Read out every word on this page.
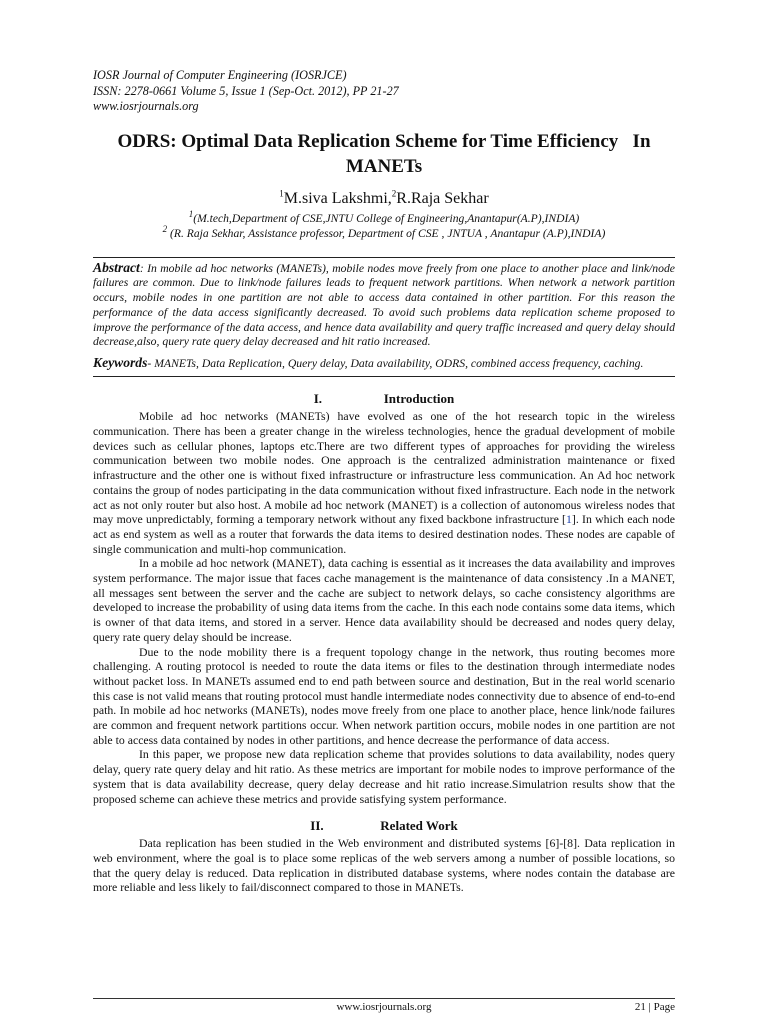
IOSR Journal of Computer Engineering (IOSRJCE)
ISSN: 2278-0661 Volume 5, Issue 1 (Sep-Oct. 2012), PP 21-27
www.iosrjournals.org
ODRS: Optimal Data Replication Scheme for Time Efficiency   In
MANETs
$^1$M.siva Lakshmi,$^2$R.Raja Sekhar
$^1$(M.tech,Department of CSE,JNTU College of Engineering,Anantapur(A.P),INDIA)
$^2$ (R. Raja Sekhar, Assistance professor, Department of CSE , JNTUA , Anantapur (A.P),INDIA)
Abstract: In mobile ad hoc networks (MANETs), mobile nodes move freely from one place to another place and link/node failures are common. Due to link/node failures leads to frequent network partitions. When network a network partition occurs, mobile nodes in one partition are not able to access data contained in other partition. For this reason the performance of the data access significantly decreased. To avoid such problems data replication scheme proposed to improve the performance of the data access, and hence data availability and query traffic increased and query delay should decrease,also, query rate query delay decreased and hit ratio increased.
Keywords- MANETs, Data Replication, Query delay, Data availability, ODRS, combined access frequency, caching.
I.	Introduction

Mobile ad hoc networks (MANETs) have evolved as one of the hot research topic in the wireless communication. There has been a greater change in the wireless technologies, hence the gradual development of mobile devices such as cellular phones, laptops etc.There are two different types of approaches for providing the wireless communication between two mobile nodes. One approach is the centralized administration maintenance or fixed infrastructure and the other one is without fixed infrastructure or infrastructure less communication. An Ad hoc network contains the group of nodes participating in the data communication without fixed infrastructure. Each node in the network act as not only router but also host. A mobile ad hoc network (MANET) is a collection of autonomous wireless nodes that may move unpredictably, forming a temporary network without any fixed backbone infrastructure [1]. In which each node act as end system as well as a router that forwards the data items to desired destination nodes. These nodes are capable of single communication and multi-hop communication.

In a mobile ad hoc network (MANET), data caching is essential as it increases the data availability and improves system performance. The major issue that faces cache management is the maintenance of data consistency .In a MANET, all messages sent between the server and the cache are subject to network delays, so cache consistency algorithms are developed to increase the probability of using data items from the cache. In this each node contains some data items, which is owner of that data items, and stored in a server. Hence data availability should be decreased and nodes query delay, query rate query delay should be increase.

Due to the node mobility there is a frequent topology change in the network, thus routing becomes more challenging. A routing protocol is needed to route the data items or files to the destination through intermediate nodes without packet loss. In MANETs assumed end to end path between source and destination, But in the real world scenario this case is not valid means that routing protocol must handle intermediate nodes connectivity due to absence of end-to-end path. In mobile ad hoc networks (MANETs), nodes move freely from one place to another place, hence link/node failures are common and frequent network partitions occur. When network partition occurs, mobile nodes in one partition are not able to access data contained by nodes in other partitions, and hence decrease the performance of data access.

In this paper, we propose new data replication scheme that provides solutions to data availability, nodes query delay, query rate query delay and hit ratio. As these metrics are important for mobile nodes to improve performance of the system that is data availability decrease, query delay decrease and hit ratio increase.Simulatrion results show that the proposed scheme can achieve these metrics and provide satisfying system performance.

II.	Related Work

Data replication has been studied in the Web environment and distributed systems [6]-[8]. Data replication in web environment, where the goal is to place some replicas of the web servers among a number of possible locations, so that the query delay is reduced. Data replication in distributed database systems, where nodes contain the database are more reliable and less likely to fail/disconnect compared to those in MANETs.

www.iosrjournals.org	21 | Page
